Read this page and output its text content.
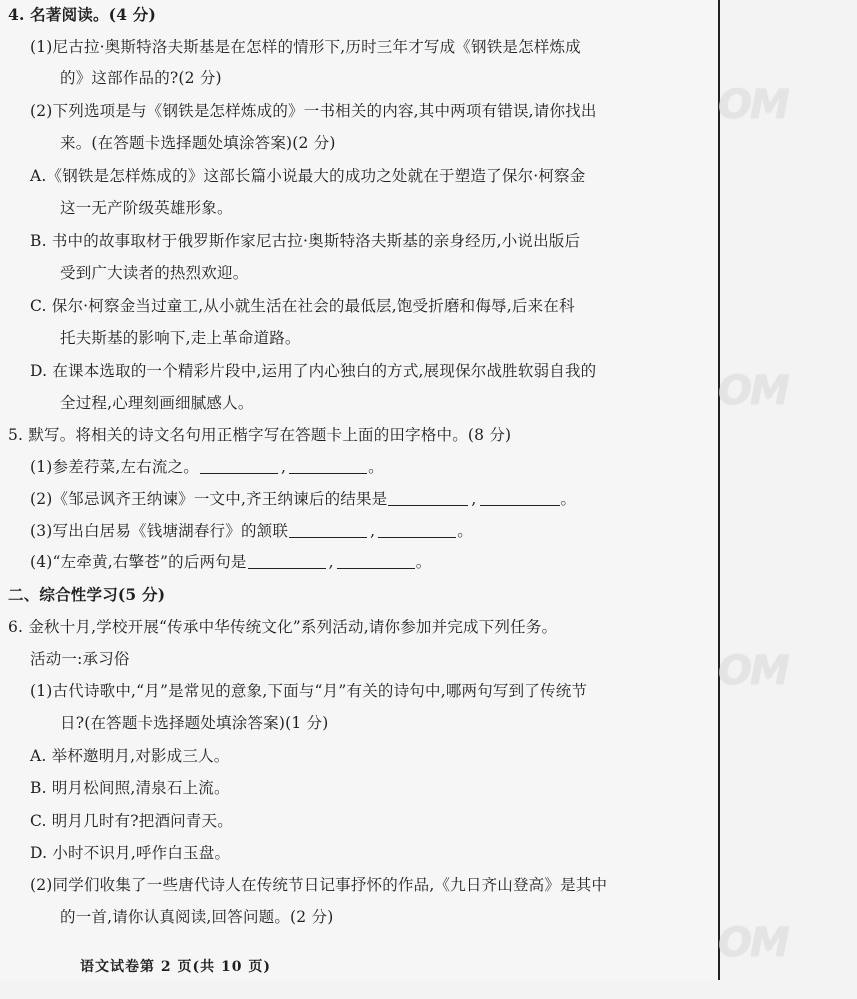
4. 名著阅读。(4 分)
(1)尼古拉·奥斯特洛夫斯基是在怎样的情形下,历时三年才写成《钢铁是怎样炼成
的》这部作品的?(2 分)
(2)下列选项是与《钢铁是怎样炼成的》一书相关的内容,其中两项有错误,请你找出
来。(在答题卡选择题处填涂答案)(2 分)
A.《钢铁是怎样炼成的》这部长篇小说最大的成功之处就在于塑造了保尔·柯察金
这一无产阶级英雄形象。
B. 书中的故事取材于俄罗斯作家尼古拉·奥斯特洛夫斯基的亲身经历,小说出版后
受到广大读者的热烈欢迎。
C. 保尔·柯察金当过童工,从小就生活在社会的最低层,饱受折磨和侮辱,后来在科
托夫斯基的影响下,走上革命道路。
D. 在课本选取的一个精彩片段中,运用了内心独白的方式,展现保尔战胜软弱自我的
全过程,心理刻画细腻感人。
5. 默写。将相关的诗文名句用正楷字写在答题卡上面的田字格中。(8 分)
(1)参差荇菜,左右流之。	,	。
(2)《邹忌讽齐王纳谏》一文中,齐王纳谏后的结果是	,	。
(3)写出白居易《钱塘湖春行》的颔联	,	。
(4)“左牵黄,右擎苍”的后两句是	,	。
二、综合性学习(5 分)
6. 金秋十月,学校开展“传承中华传统文化”系列活动,请你参加并完成下列任务。
活动一:承习俗
(1)古代诗歌中,“月”是常见的意象,下面与“月”有关的诗句中,哪两句写到了传统节
日?(在答题卡选择题处填涂答案)(1 分)
A. 举杯邀明月,对影成三人。
B. 明月松间照,清泉石上流。
C. 明月几时有?把酒问青天。
D. 小时不识月,呼作白玉盘。
(2)同学们收集了一些唐代诗人在传统节日记事抒怀的作品,《九日齐山登高》是其中
的一首,请你认真阅读,回答问题。(2 分)
语文试卷第 2 页(共 10 页)
OM
OM
OM
OM
